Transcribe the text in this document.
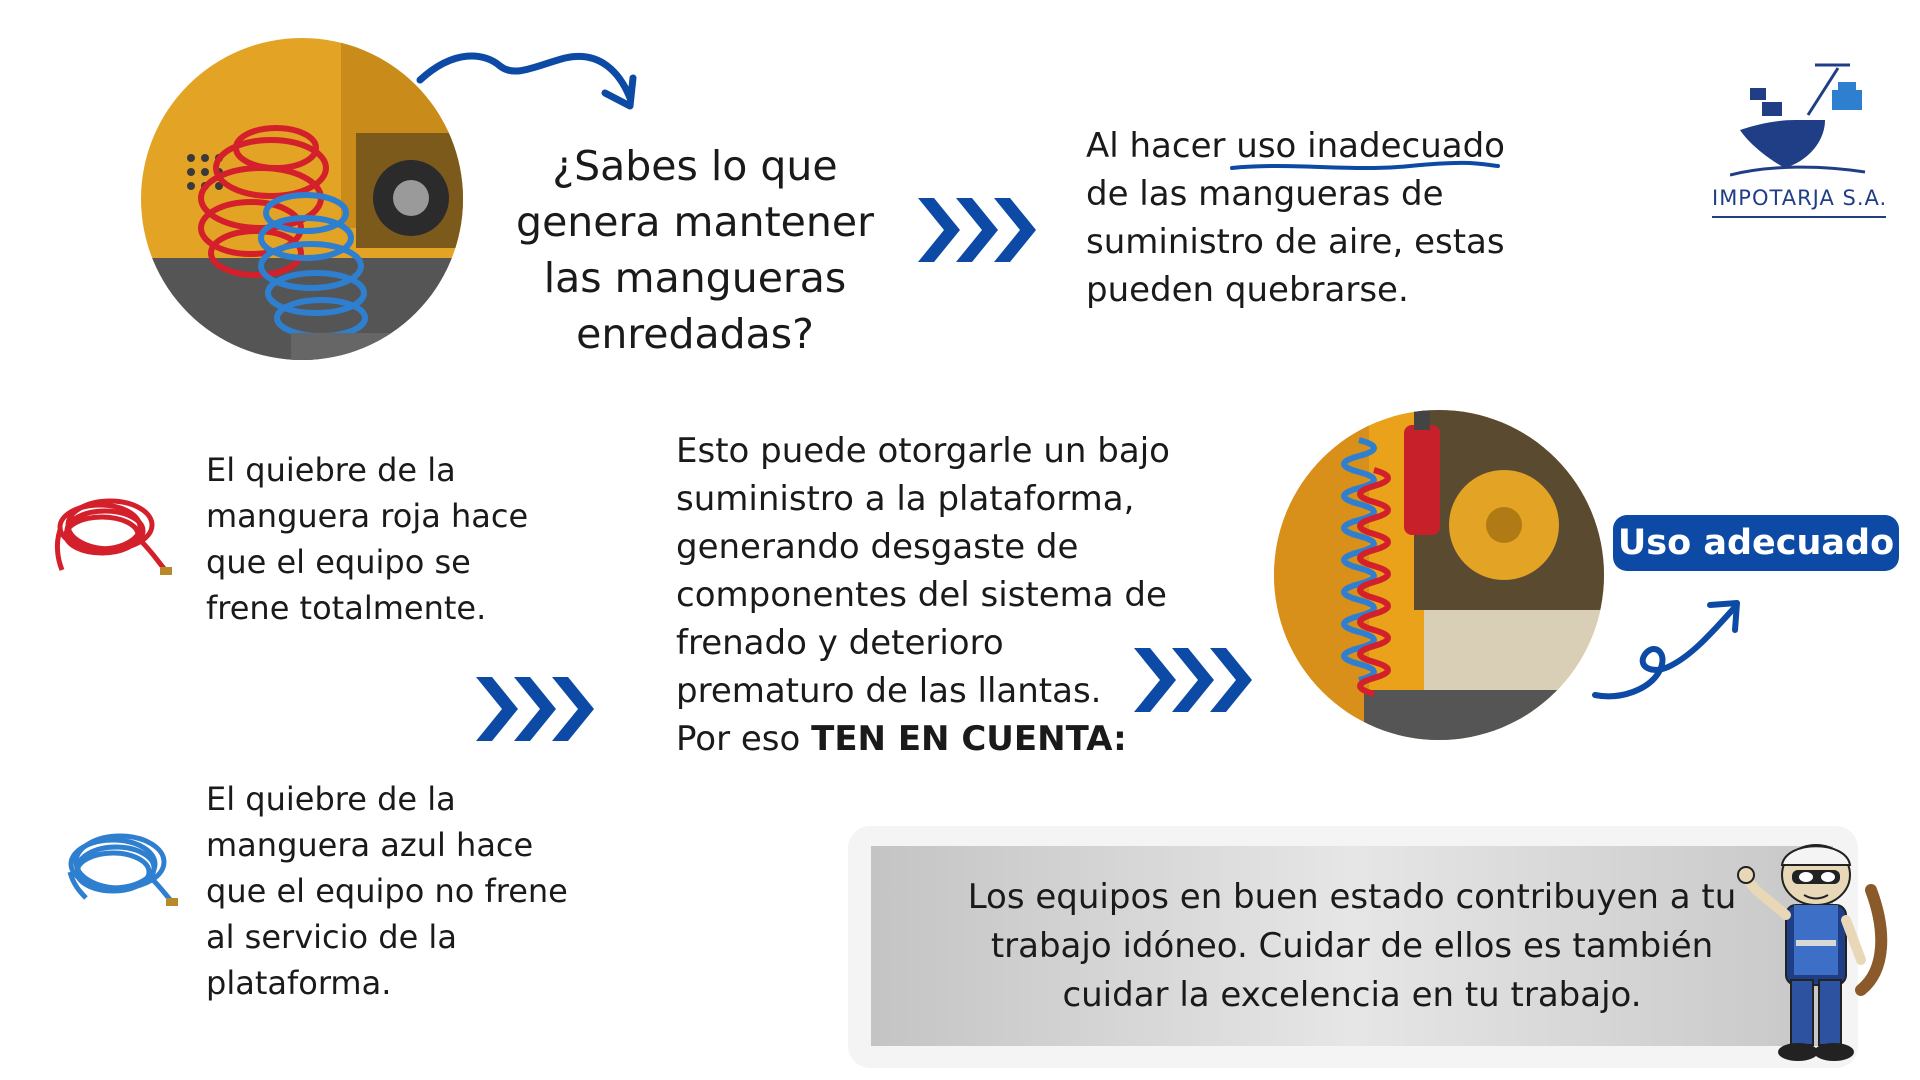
¿Sabes lo que
genera mantener
las mangueras
enredadas?
Al hacer uso inadecuado
de las mangueras de
suministro de aire, estas
pueden quebrarse.
IMPOTARJA S.A.
El quiebre de la
manguera roja hace
que el equipo se
frene totalmente.
El quiebre de la
manguera azul hace
que el equipo no frene
al servicio de la
plataforma.
Esto puede otorgarle un bajo
suministro a la plataforma,
generando desgaste de
componentes del sistema de
frenado y deterioro
prematuro de las llantas.
Por eso TEN EN CUENTA:
Uso adecuado
Los equipos en buen estado contribuyen a tu
trabajo idóneo. Cuidar de ellos es también
cuidar la excelencia en tu trabajo.
